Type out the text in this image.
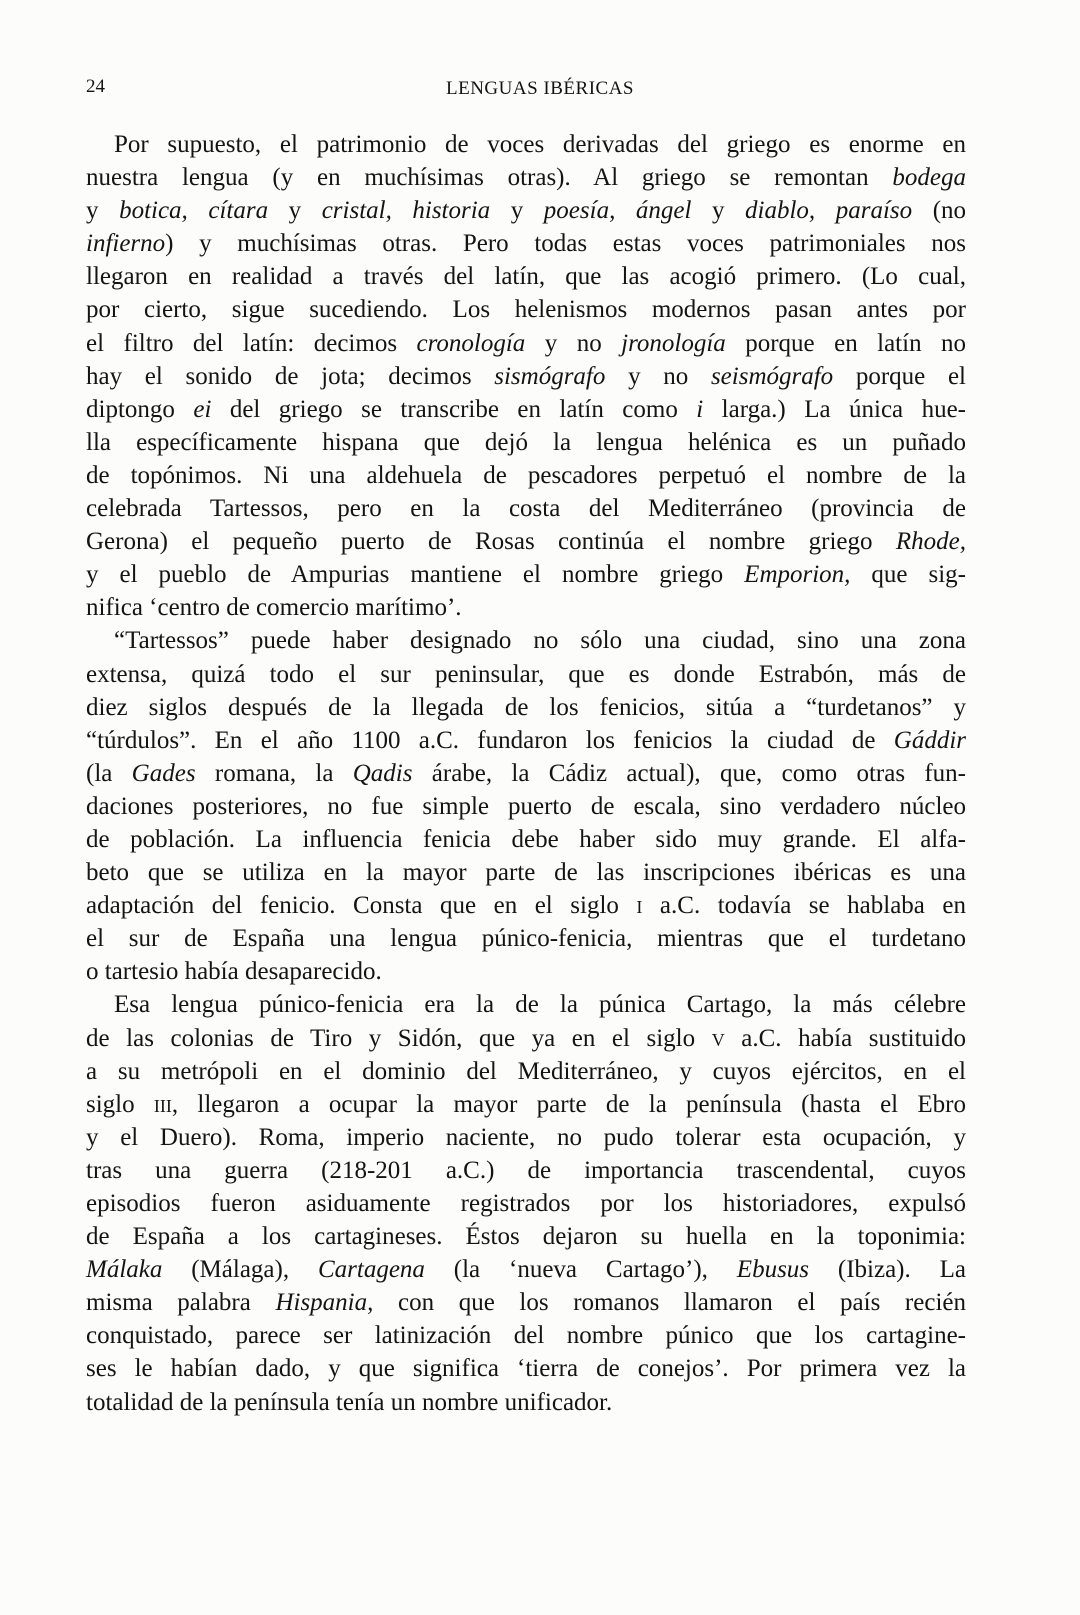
24	LENGUAS IBÉRICAS
Por supuesto, el patrimonio de voces derivadas del griego es enorme en
nuestra lengua (y en muchísimas otras). Al griego se remontan bodega
y botica, cítara y cristal, historia y poesía, ángel y diablo, paraíso (no
infierno) y muchísimas otras. Pero todas estas voces patrimoniales nos
llegaron en realidad a través del latín, que las acogió primero. (Lo cual,
por cierto, sigue sucediendo. Los helenismos modernos pasan antes por
el filtro del latín: decimos cronología y no jronología porque en latín no
hay el sonido de jota; decimos sismógrafo y no seismógrafo porque el
diptongo ei del griego se transcribe en latín como i larga.) La única hue-
lla específicamente hispana que dejó la lengua helénica es un puñado
de topónimos. Ni una aldehuela de pescadores perpetuó el nombre de la
celebrada Tartessos, pero en la costa del Mediterráneo (provincia de
Gerona) el pequeño puerto de Rosas continúa el nombre griego Rhode,
y el pueblo de Ampurias mantiene el nombre griego Emporion, que sig-
nifica ‘centro de comercio marítimo’.
“Tartessos” puede haber designado no sólo una ciudad, sino una zona
extensa, quizá todo el sur peninsular, que es donde Estrabón, más de
diez siglos después de la llegada de los fenicios, sitúa a “turdetanos” y
“túrdulos”. En el año 1100 a.C. fundaron los fenicios la ciudad de Gáddir
(la Gades romana, la Qadis árabe, la Cádiz actual), que, como otras fun-
daciones posteriores, no fue simple puerto de escala, sino verdadero núcleo
de población. La influencia fenicia debe haber sido muy grande. El alfa-
beto que se utiliza en la mayor parte de las inscripciones ibéricas es una
adaptación del fenicio. Consta que en el siglo i a.C. todavía se hablaba en
el sur de España una lengua púnico-fenicia, mientras que el turdetano
o tartesio había desaparecido.
Esa lengua púnico-fenicia era la de la púnica Cartago, la más célebre
de las colonias de Tiro y Sidón, que ya en el siglo v a.C. había sustituido
a su metrópoli en el dominio del Mediterráneo, y cuyos ejércitos, en el
siglo iii, llegaron a ocupar la mayor parte de la península (hasta el Ebro
y el Duero). Roma, imperio naciente, no pudo tolerar esta ocupación, y
tras una guerra (218-201 a.C.) de importancia trascendental, cuyos
episodios fueron asiduamente registrados por los historiadores, expulsó
de España a los cartagineses. Éstos dejaron su huella en la toponimia:
Málaka (Málaga), Cartagena (la ‘nueva Cartago’), Ebusus (Ibiza). La
misma palabra Hispania, con que los romanos llamaron el país recién
conquistado, parece ser latinización del nombre púnico que los cartagine-
ses le habían dado, y que significa ‘tierra de conejos’. Por primera vez la
totalidad de la península tenía un nombre unificador.
